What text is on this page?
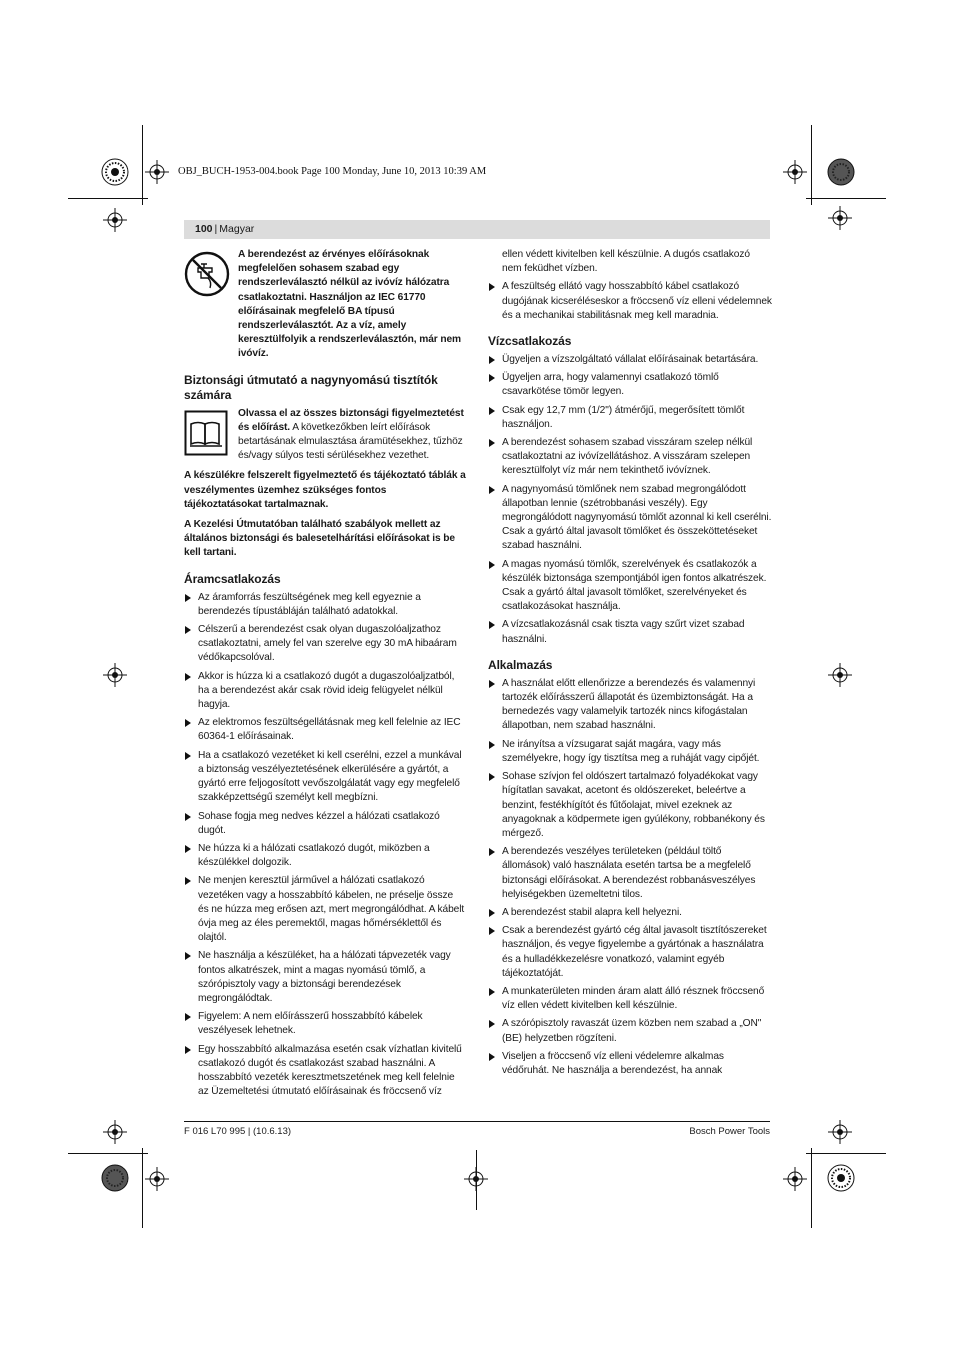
OBJ_BUCH-1953-004.book Page 100 Monday, June 10, 2013 10:39 AM
100 | Magyar
A berendezést az érvényes előírásoknak megfelelően sohasem szabad egy rendszerleválasztó nélkül az ivóvíz hálózatra csatlakoztatni. Használjon az IEC 61770 előírásainak megfelelő BA típusú rendszerleválasztót. Az a víz, amely keresztülfolyik a rendszerleválasztón, már nem ivóvíz.
Biztonsági útmutató a nagynyomású tisztítók számára
Olvassa el az összes biztonsági figyelmeztetést és előírást. A következőkben leírt előírások betartásának elmulasztása áramütésekhez, tűzhöz és/vagy súlyos testi sérülésekhez vezethet.

A készülékre felszerelt figyelmeztető és tájékoztató táblák a veszélymentes üzemhez szükséges fontos tájékoztatásokat tartalmaznak.

A Kezelési Útmutatóban található szabályok mellett az általános biztonsági és balesetelhárítási előírásokat is be kell tartani.

Áramcsatlakozás
Az áramforrás feszültségének meg kell egyeznie a berendezés típustábláján található adatokkal.
Célszerű a berendezést csak olyan dugaszolóaljzathoz csatlakoztatni, amely fel van szerelve egy 30 mA hibaáram védőkapcsolóval.
Akkor is húzza ki a csatlakozó dugót a dugaszolóaljzatból, ha a berendezést akár csak rövid ideig felügyelet nélkül hagyja.
Az elektromos feszültségellátásnak meg kell felelnie az IEC 60364-1 előírásainak.
Ha a csatlakozó vezetéket ki kell cserélni, ezzel a munkával a biztonság veszélyeztetésének elkerülésére a gyártót, a gyártó erre feljogosított vevőszolgálatát vagy egy megfelelő szakképzettségű személyt kell megbízni.
Sohase fogja meg nedves kézzel a hálózati csatlakozó dugót.
Ne húzza ki a hálózati csatlakozó dugót, miközben a készülékkel dolgozik.
Ne menjen keresztül járművel a hálózati csatlakozó vezetéken vagy a hosszabbító kábelen, ne préselje össze és ne húzza meg erősen azt, mert megrongálódhat. A kábelt óvja meg az éles peremektől, magas hőmérséklettől és olajtól.
Ne használja a készüléket, ha a hálózati tápvezeték vagy fontos alkatrészek, mint a magas nyomású tömlő, a szórópisztoly vagy a biztonsági berendezések megrongálódtak.
Figyelem: A nem előírásszerű hosszabbító kábelek veszélyesek lehetnek.
Egy hosszabbító alkalmazása esetén csak vízhatlan kivitelű csatlakozó dugót és csatlakozást szabad használni. A hosszabbító vezeték keresztmetszetének meg kell felelnie az Üzemeltetési útmutató előírásainak és fröccsenő víz
ellen védett kivitelben kell készülnie. A dugós csatlakozó nem feküdhet vízben.
A feszültség ellátó vagy hosszabbító kábel csatlakozó dugójának kicseréléseskor a fröccsenő víz elleni védelemnek és a mechanikai stabilitásnak meg kell maradnia.
Vízcsatlakozás
Ügyeljen a vízszolgáltató vállalat előírásainak betartására.
Ügyeljen arra, hogy valamennyi csatlakozó tömlő csavarkötése tömör legyen.
Csak egy 12,7 mm (1/2") átmérőjű, megerősített tömlőt használjon.
A berendezést sohasem szabad visszáram szelep nélkül csatlakoztatni az ivóvízellátáshoz. A visszáram szelepen keresztülfolyt víz már nem tekinthető ivóvíznek.
A nagynyomású tömlőnek nem szabad megrongálódott állapotban lennie (szétrobbanási veszély). Egy megrongálódott nagynyomású tömlőt azonnal ki kell cserélni. Csak a gyártó által javasolt tömlőket és összeköttetéseket szabad használni.
A magas nyomású tömlők, szerelvények és csatlakozók a készülék biztonsága szempontjából igen fontos alkatrészek. Csak a gyártó által javasolt tömlőket, szerelvényeket és csatlakozásokat használja.
A vízcsatlakozásnál csak tiszta vagy szűrt vizet szabad használni.
Alkalmazás
A használat előtt ellenőrizze a berendezés és valamennyi tartozék előírásszerű állapotát és üzembiztonságát. Ha a bernedezés vagy valamelyik tartozék nincs kifogástalan állapotban, nem szabad használni.
Ne irányítsa a vízsugarat saját magára, vagy más személyekre, hogy így tisztítsa meg a ruháját vagy cipőjét.
Sohase szívjon fel oldószert tartalmazó folyadékokat vagy hígítatlan savakat, acetont és oldószereket, beleértve a benzint, festékhígítót és fűtőolajat, mivel ezeknek az anyagoknak a ködpermete igen gyúlékony, robbanékony és mérgező.
A berendezés veszélyes területeken (például töltő állomások) való használata esetén tartsa be a megfelelő biztonsági előírásokat. A berendezést robbanásveszélyes helyiségekben üzemeltetni tilos.
A berendezést stabil alapra kell helyezni.
Csak a berendezést gyártó cég által javasolt tisztítószereket használjon, és vegye figyelembe a gyártónak a használatra és a hulladékkezelésre vonatkozó, valamint egyéb tájékoztatóját.
A munkaterületen minden áram alatt álló résznek fröccsenő víz ellen védett kivitelben kell készülnie.
A szórópisztoly ravaszát üzem közben nem szabad a „ON" (BE) helyzetben rögzíteni.
Viseljen a fröccsenő víz elleni védelemre alkalmas védőruhát. Ne használja a berendezést, ha annak
F 016 L70 995 | (10.6.13)	Bosch Power Tools
